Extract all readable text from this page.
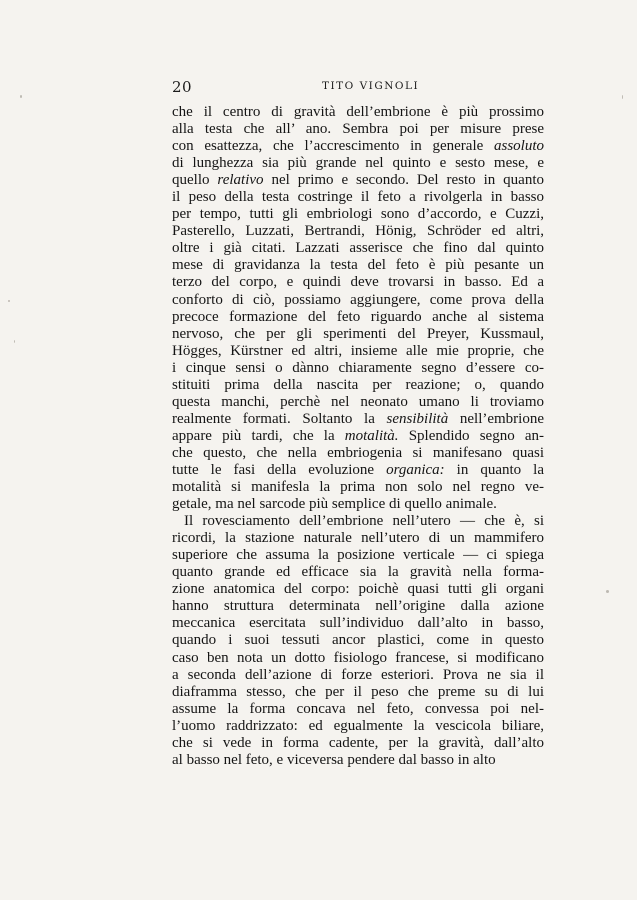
20	TITO VIGNOLI
che il centro di gravità dell’embrione è più prossimo
alla testa che all’ ano. Sembra poi per misure prese
con esattezza, che l’accrescimento in generale assoluto
di lunghezza sia più grande nel quinto e sesto mese, e
quello relativo nel primo e secondo. Del resto in quanto
il peso della testa costringe il feto a rivolgerla in basso
per tempo, tutti gli embriologi sono d’accordo, e Cuzzi,
Pasterello, Luzzati, Bertrandi, Hönig, Schröder ed altri,
oltre i già citati. Lazzati asserisce che fino dal quinto
mese di gravidanza la testa del feto è più pesante un
terzo del corpo, e quindi deve trovarsi in basso. Ed a
conforto di ciò, possiamo aggiungere, come prova della
precoce formazione del feto riguardo anche al sistema
nervoso, che per gli sperimenti del Preyer, Kussmaul,
Högges, Kürstner ed altri, insieme alle mie proprie, che
i cinque sensi o dànno chiaramente segno d’essere co-
stituiti prima della nascita per reazione; o, quando
questa manchi, perchè nel neonato umano li troviamo
realmente formati. Soltanto la sensibilità nell’embrione
appare più tardi, che la motalità. Splendido segno an-
che questo, che nella embriogenia si manifesano quasi
tutte le fasi della evoluzione organica: in quanto la
motalità si manifesla la prima non solo nel regno ve-
getale, ma nel sarcode più semplice di quello animale.
Il rovesciamento dell’embrione nell’utero — che è, si
ricordi, la stazione naturale nell’utero di un mammifero
superiore che assuma la posizione verticale — ci spiega
quanto grande ed efficace sia la gravità nella forma-
zione anatomica del corpo: poichè quasi tutti gli organi
hanno struttura determinata nell’origine dalla azione
meccanica esercitata sull’individuo dall’alto in basso,
quando i suoi tessuti ancor plastici, come in questo
caso ben nota un dotto fisiologo francese, si modificano
a seconda dell’azione di forze esteriori. Prova ne sia il
diaframma stesso, che per il peso che preme su di lui
assume la forma concava nel feto, convessa poi nel-
l’uomo raddrizzato: ed egualmente la vescicola biliare,
che si vede in forma cadente, per la gravità, dall’alto
al basso nel feto, e viceversa pendere dal basso in alto
